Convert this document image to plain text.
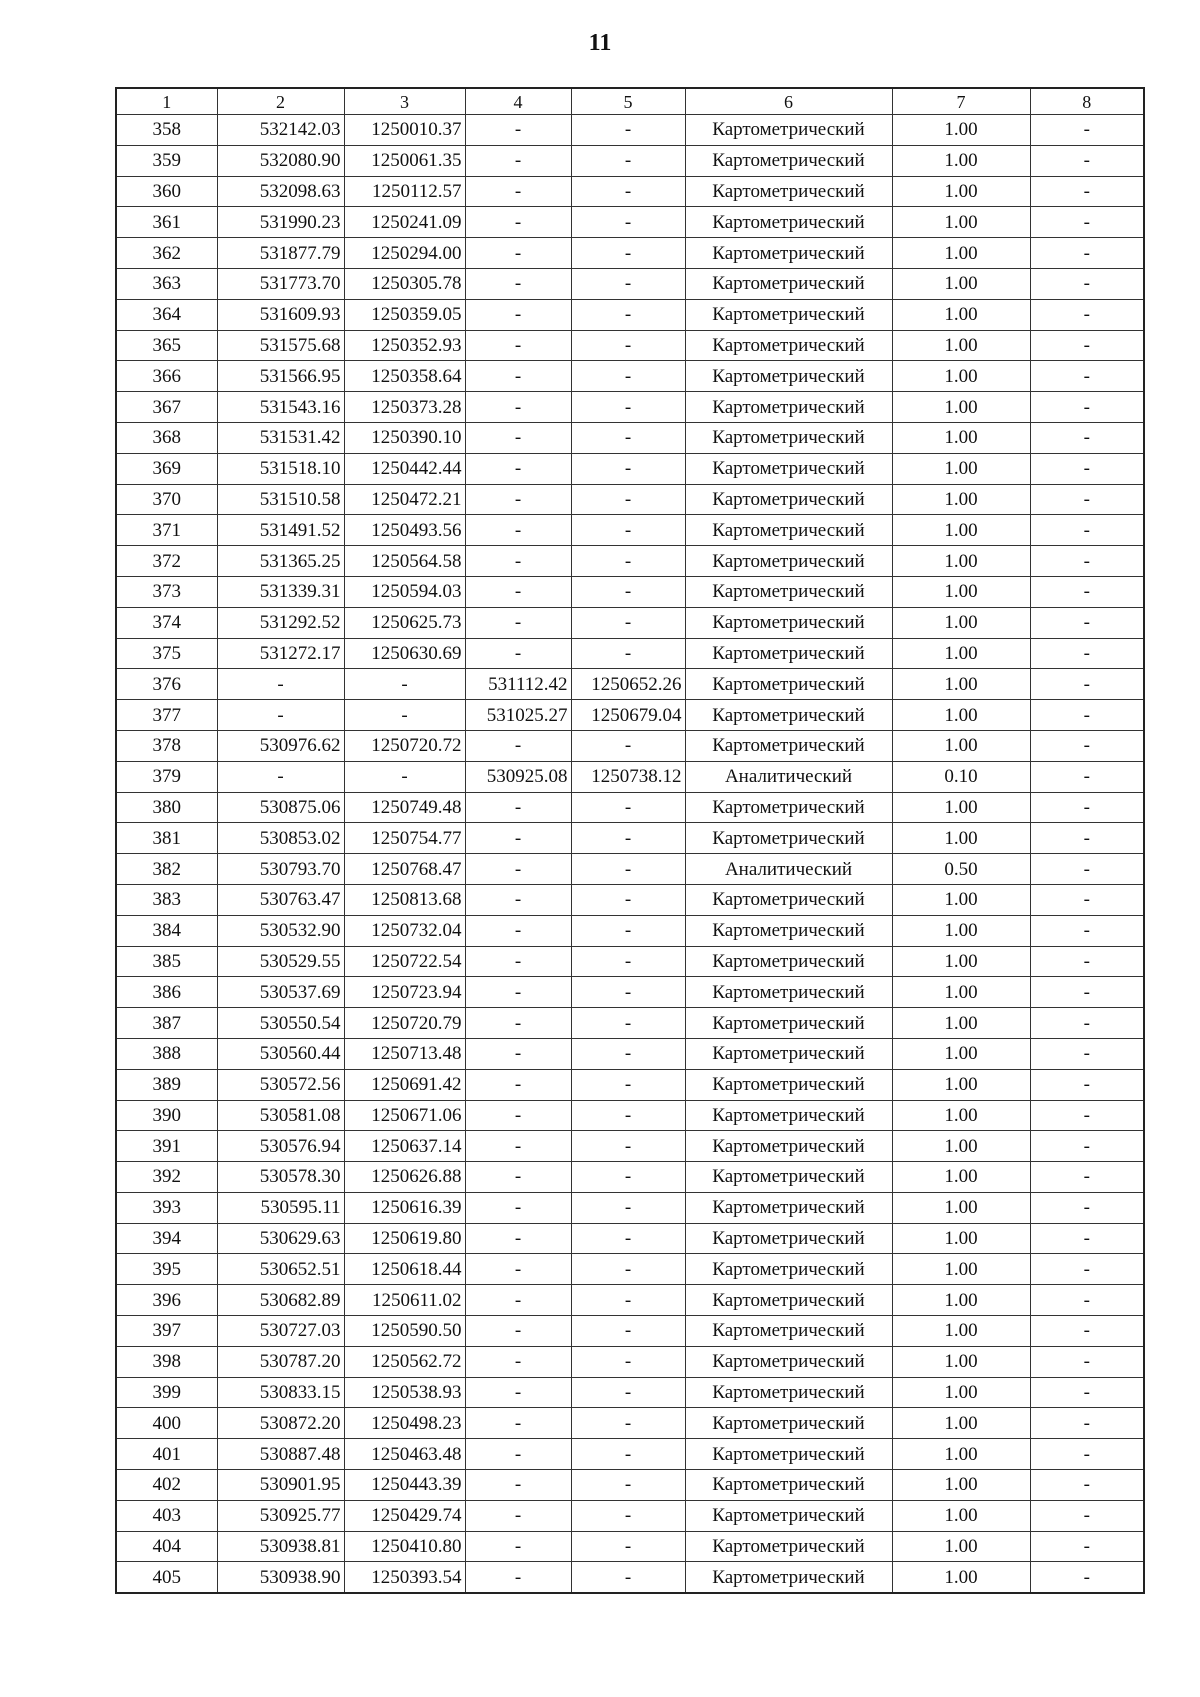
11
1	2	3	4	5	6	7	8
358	532142.03	1250010.37	-	-	Картометрический	1.00	-
359	532080.90	1250061.35	-	-	Картометрический	1.00	-
360	532098.63	1250112.57	-	-	Картометрический	1.00	-
361	531990.23	1250241.09	-	-	Картометрический	1.00	-
362	531877.79	1250294.00	-	-	Картометрический	1.00	-
363	531773.70	1250305.78	-	-	Картометрический	1.00	-
364	531609.93	1250359.05	-	-	Картометрический	1.00	-
365	531575.68	1250352.93	-	-	Картометрический	1.00	-
366	531566.95	1250358.64	-	-	Картометрический	1.00	-
367	531543.16	1250373.28	-	-	Картометрический	1.00	-
368	531531.42	1250390.10	-	-	Картометрический	1.00	-
369	531518.10	1250442.44	-	-	Картометрический	1.00	-
370	531510.58	1250472.21	-	-	Картометрический	1.00	-
371	531491.52	1250493.56	-	-	Картометрический	1.00	-
372	531365.25	1250564.58	-	-	Картометрический	1.00	-
373	531339.31	1250594.03	-	-	Картометрический	1.00	-
374	531292.52	1250625.73	-	-	Картометрический	1.00	-
375	531272.17	1250630.69	-	-	Картометрический	1.00	-
376	-	-	531112.42	1250652.26	Картометрический	1.00	-
377	-	-	531025.27	1250679.04	Картометрический	1.00	-
378	530976.62	1250720.72	-	-	Картометрический	1.00	-
379	-	-	530925.08	1250738.12	Аналитический	0.10	-
380	530875.06	1250749.48	-	-	Картометрический	1.00	-
381	530853.02	1250754.77	-	-	Картометрический	1.00	-
382	530793.70	1250768.47	-	-	Аналитический	0.50	-
383	530763.47	1250813.68	-	-	Картометрический	1.00	-
384	530532.90	1250732.04	-	-	Картометрический	1.00	-
385	530529.55	1250722.54	-	-	Картометрический	1.00	-
386	530537.69	1250723.94	-	-	Картометрический	1.00	-
387	530550.54	1250720.79	-	-	Картометрический	1.00	-
388	530560.44	1250713.48	-	-	Картометрический	1.00	-
389	530572.56	1250691.42	-	-	Картометрический	1.00	-
390	530581.08	1250671.06	-	-	Картометрический	1.00	-
391	530576.94	1250637.14	-	-	Картометрический	1.00	-
392	530578.30	1250626.88	-	-	Картометрический	1.00	-
393	530595.11	1250616.39	-	-	Картометрический	1.00	-
394	530629.63	1250619.80	-	-	Картометрический	1.00	-
395	530652.51	1250618.44	-	-	Картометрический	1.00	-
396	530682.89	1250611.02	-	-	Картометрический	1.00	-
397	530727.03	1250590.50	-	-	Картометрический	1.00	-
398	530787.20	1250562.72	-	-	Картометрический	1.00	-
399	530833.15	1250538.93	-	-	Картометрический	1.00	-
400	530872.20	1250498.23	-	-	Картометрический	1.00	-
401	530887.48	1250463.48	-	-	Картометрический	1.00	-
402	530901.95	1250443.39	-	-	Картометрический	1.00	-
403	530925.77	1250429.74	-	-	Картометрический	1.00	-
404	530938.81	1250410.80	-	-	Картометрический	1.00	-
405	530938.90	1250393.54	-	-	Картометрический	1.00	-
